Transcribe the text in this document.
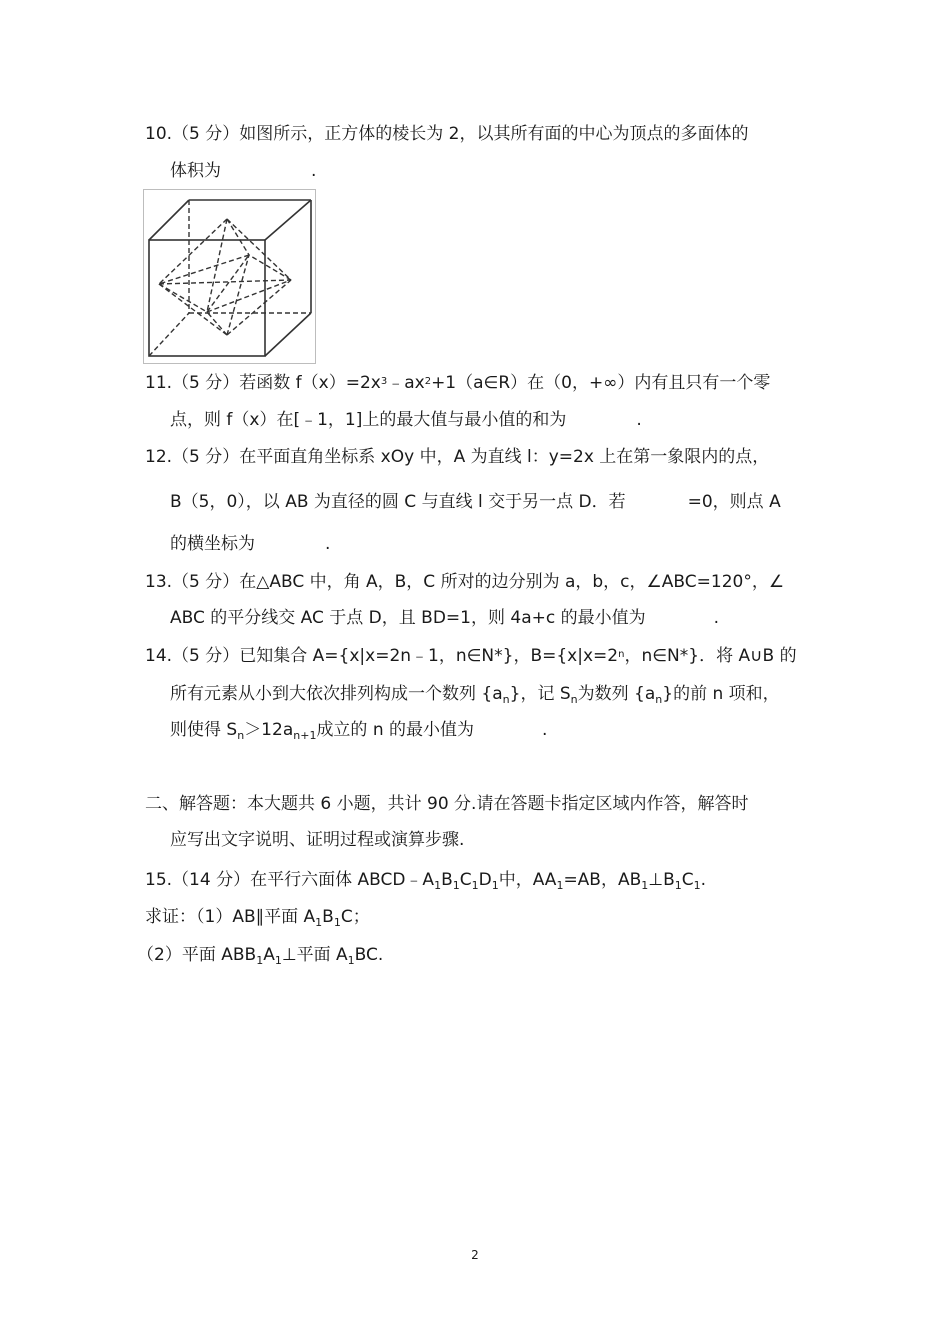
10.（5 分）如图所示，正方体的棱长为 2，以其所有面的中心为顶点的多面体的
体积为	.
11.（5 分）若函数 $f(x)=2x^3﹣ax^2+1(a\in R)$在（0，+∞）内有且只有一个零
点，则 f（x）在[﹣1，1]上的最大值与最小值的和为	.
12.（5 分）在平面直角坐标系 xOy 中，A 为直线 l：y=2x 上在第一象限内的点，
B（5，0），以 AB 为直径的圆 C 与直线 l 交于另一点 D．若	=0，则点 A
的横坐标为	.
13.（5 分）在△ABC 中，角 A，B，C 所对的边分别为 a，b，c，∠ABC=120°，∠
ABC 的平分线交 AC 于点 D，且 BD=1，则 4a+c 的最小值为	.
14.（5 分）已知集合 A={x|x=2n﹣1，n∈N*}，$B=\{x|x=2^n$，n∈N*}．将 A∪B 的
所有元素从小到大依次排列构成一个数列 $\{a_n\}$，记 $S_n$为数列 $\{a_n\}$的前 n 项和，
则使得 $S_n>12a_{n+1}$成立的 n 的最小值为	.
二、解答题：本大题共 6 小题，共计 90 分.请在答题卡指定区域内作答，解答时
应写出文字说明、证明过程或演算步骤.
15.（14 分）在平行六面体 $ABCD﹣A_1B_1C_1D_1$中，$AA_1=AB$，$AB_1\perp B_1C_1$.
求证：（1）AB∥平面 $A_1B_1C$；
（2）平面 $ABB_1A_1\perp$平面 $A_1BC$.
2
